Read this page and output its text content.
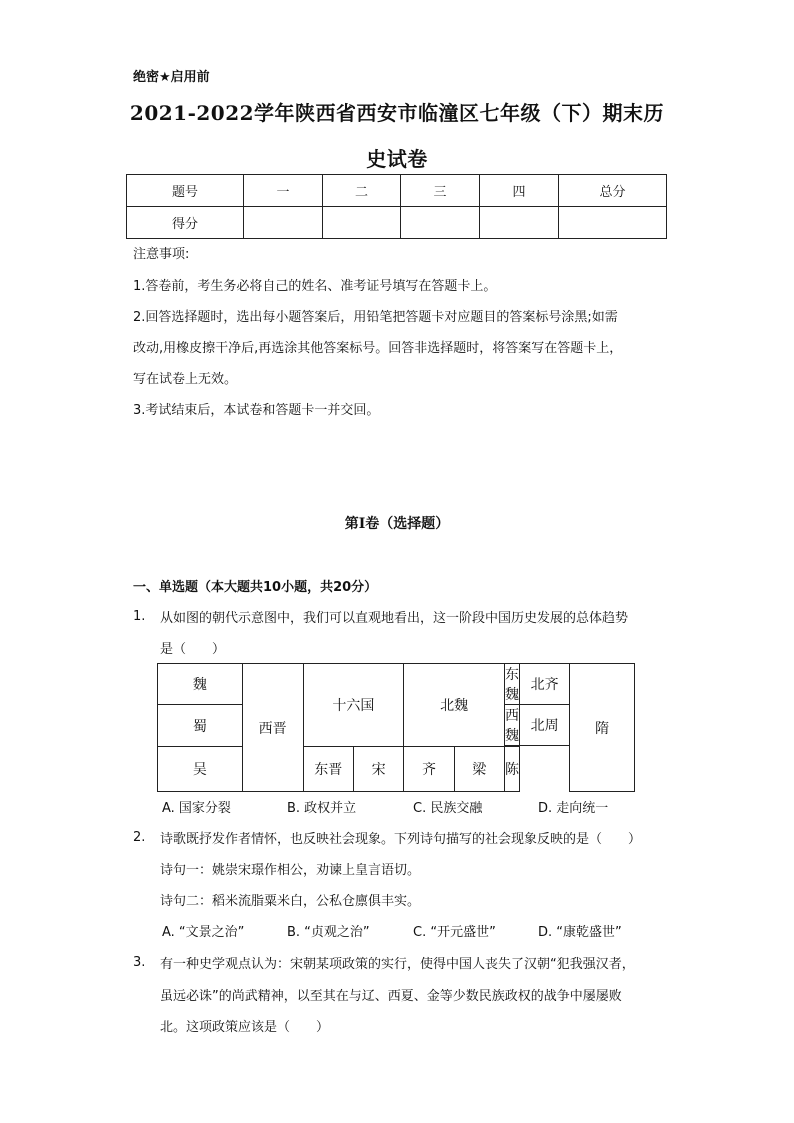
绝密★启用前
2021-2022学年陕西省西安市临潼区七年级（下）期末历
史试卷
题号	一	二	三	四	总分
得分					
注意事项:
1.答卷前，考生务必将自己的姓名、准考证号填写在答题卡上。
2.回答选择题时，选出每小题答案后，用铅笔把答题卡对应题目的答案标号涂黑;如需
改动,用橡皮擦干净后,再选涂其他答案标号。回答非选择题时，将答案写在答题卡上，
写在试卷上无效。
3.考试结束后，本试卷和答题卡一并交回。
第I卷（选择题）
一、单选题（本大题共10小题，共20分）
1. 从如图的朝代示意图中，我们可以直观地看出，这一阶段中国历史发展的总体趋势
是（　　）
魏	西晋	十六国		北魏		东魏	北齐	隋

蜀						西魏	北周	

吴		东晋	宋	齐	梁	陈		

A. 国家分裂	B. 政权并立	C. 民族交融	D. 走向统一
2. 诗歌既抒发作者情怀，也反映社会现象。下列诗句描写的社会现象反映的是（　　）
诗句一：姚崇宋璟作相公，劝谏上皇言语切。
诗句二：稻米流脂粟米白，公私仓廪俱丰实。
A. “文景之治”	B. “贞观之治”	C. “开元盛世”	D. “康乾盛世”
3. 有一种史学观点认为：宋朝某项政策的实行，使得中国人丧失了汉朝“犯我强汉者，
虽远必诛”的尚武精神，以至其在与辽、西夏、金等少数民族政权的战争中屡屡败
北。这项政策应该是（　　）
